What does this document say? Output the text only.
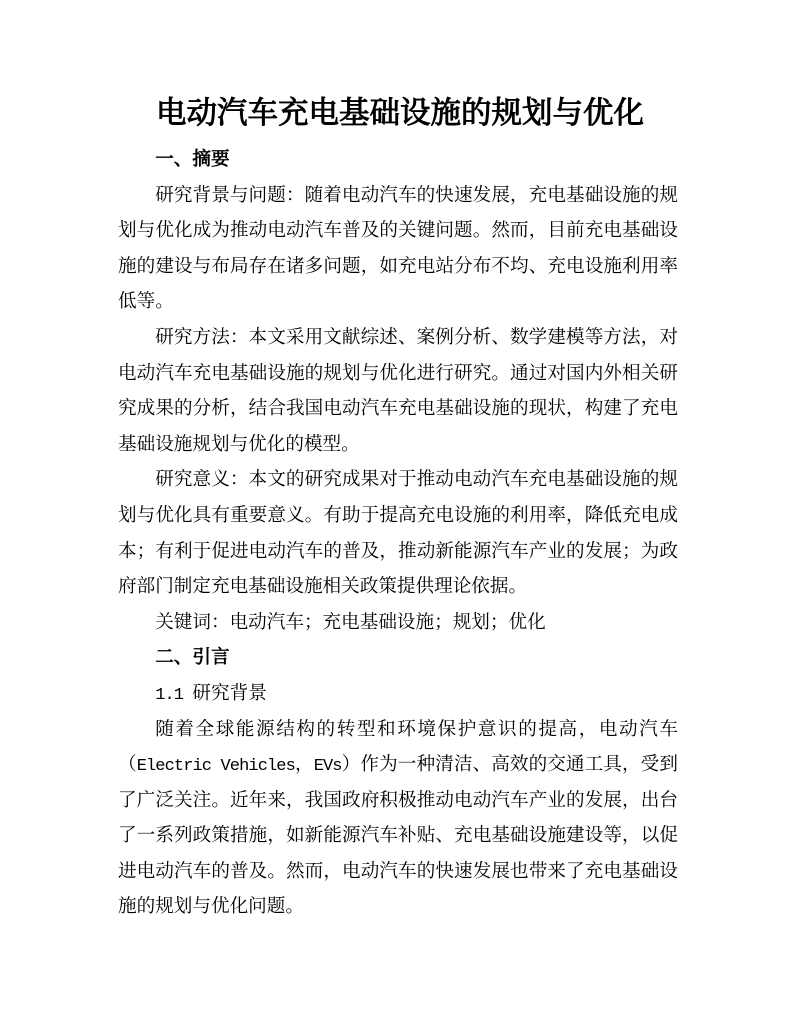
电动汽车充电基础设施的规划与优化

一、摘要

研究背景与问题：随着电动汽车的快速发展，充电基础设施的规划与优化成为推动电动汽车普及的关键问题。然而，目前充电基础设施的建设与布局存在诸多问题，如充电站分布不均、充电设施利用率低等。

研究方法：本文采用文献综述、案例分析、数学建模等方法，对电动汽车充电基础设施的规划与优化进行研究。通过对国内外相关研究成果的分析，结合我国电动汽车充电基础设施的现状，构建了充电基础设施规划与优化的模型。

研究意义：本文的研究成果对于推动电动汽车充电基础设施的规划与优化具有重要意义。有助于提高充电设施的利用率，降低充电成本；有利于促进电动汽车的普及，推动新能源汽车产业的发展；为政府部门制定充电基础设施相关政策提供理论依据。

关键词：电动汽车；充电基础设施；规划；优化

二、引言

1.1 研究背景

随着全球能源结构的转型和环境保护意识的提高，电动汽车（Electric Vehicles，EVs）作为一种清洁、高效的交通工具，受到了广泛关注。近年来，我国政府积极推动电动汽车产业的发展，出台了一系列政策措施，如新能源汽车补贴、充电基础设施建设等，以促进电动汽车的普及。然而，电动汽车的快速发展也带来了充电基础设施的规划与优化问题。
